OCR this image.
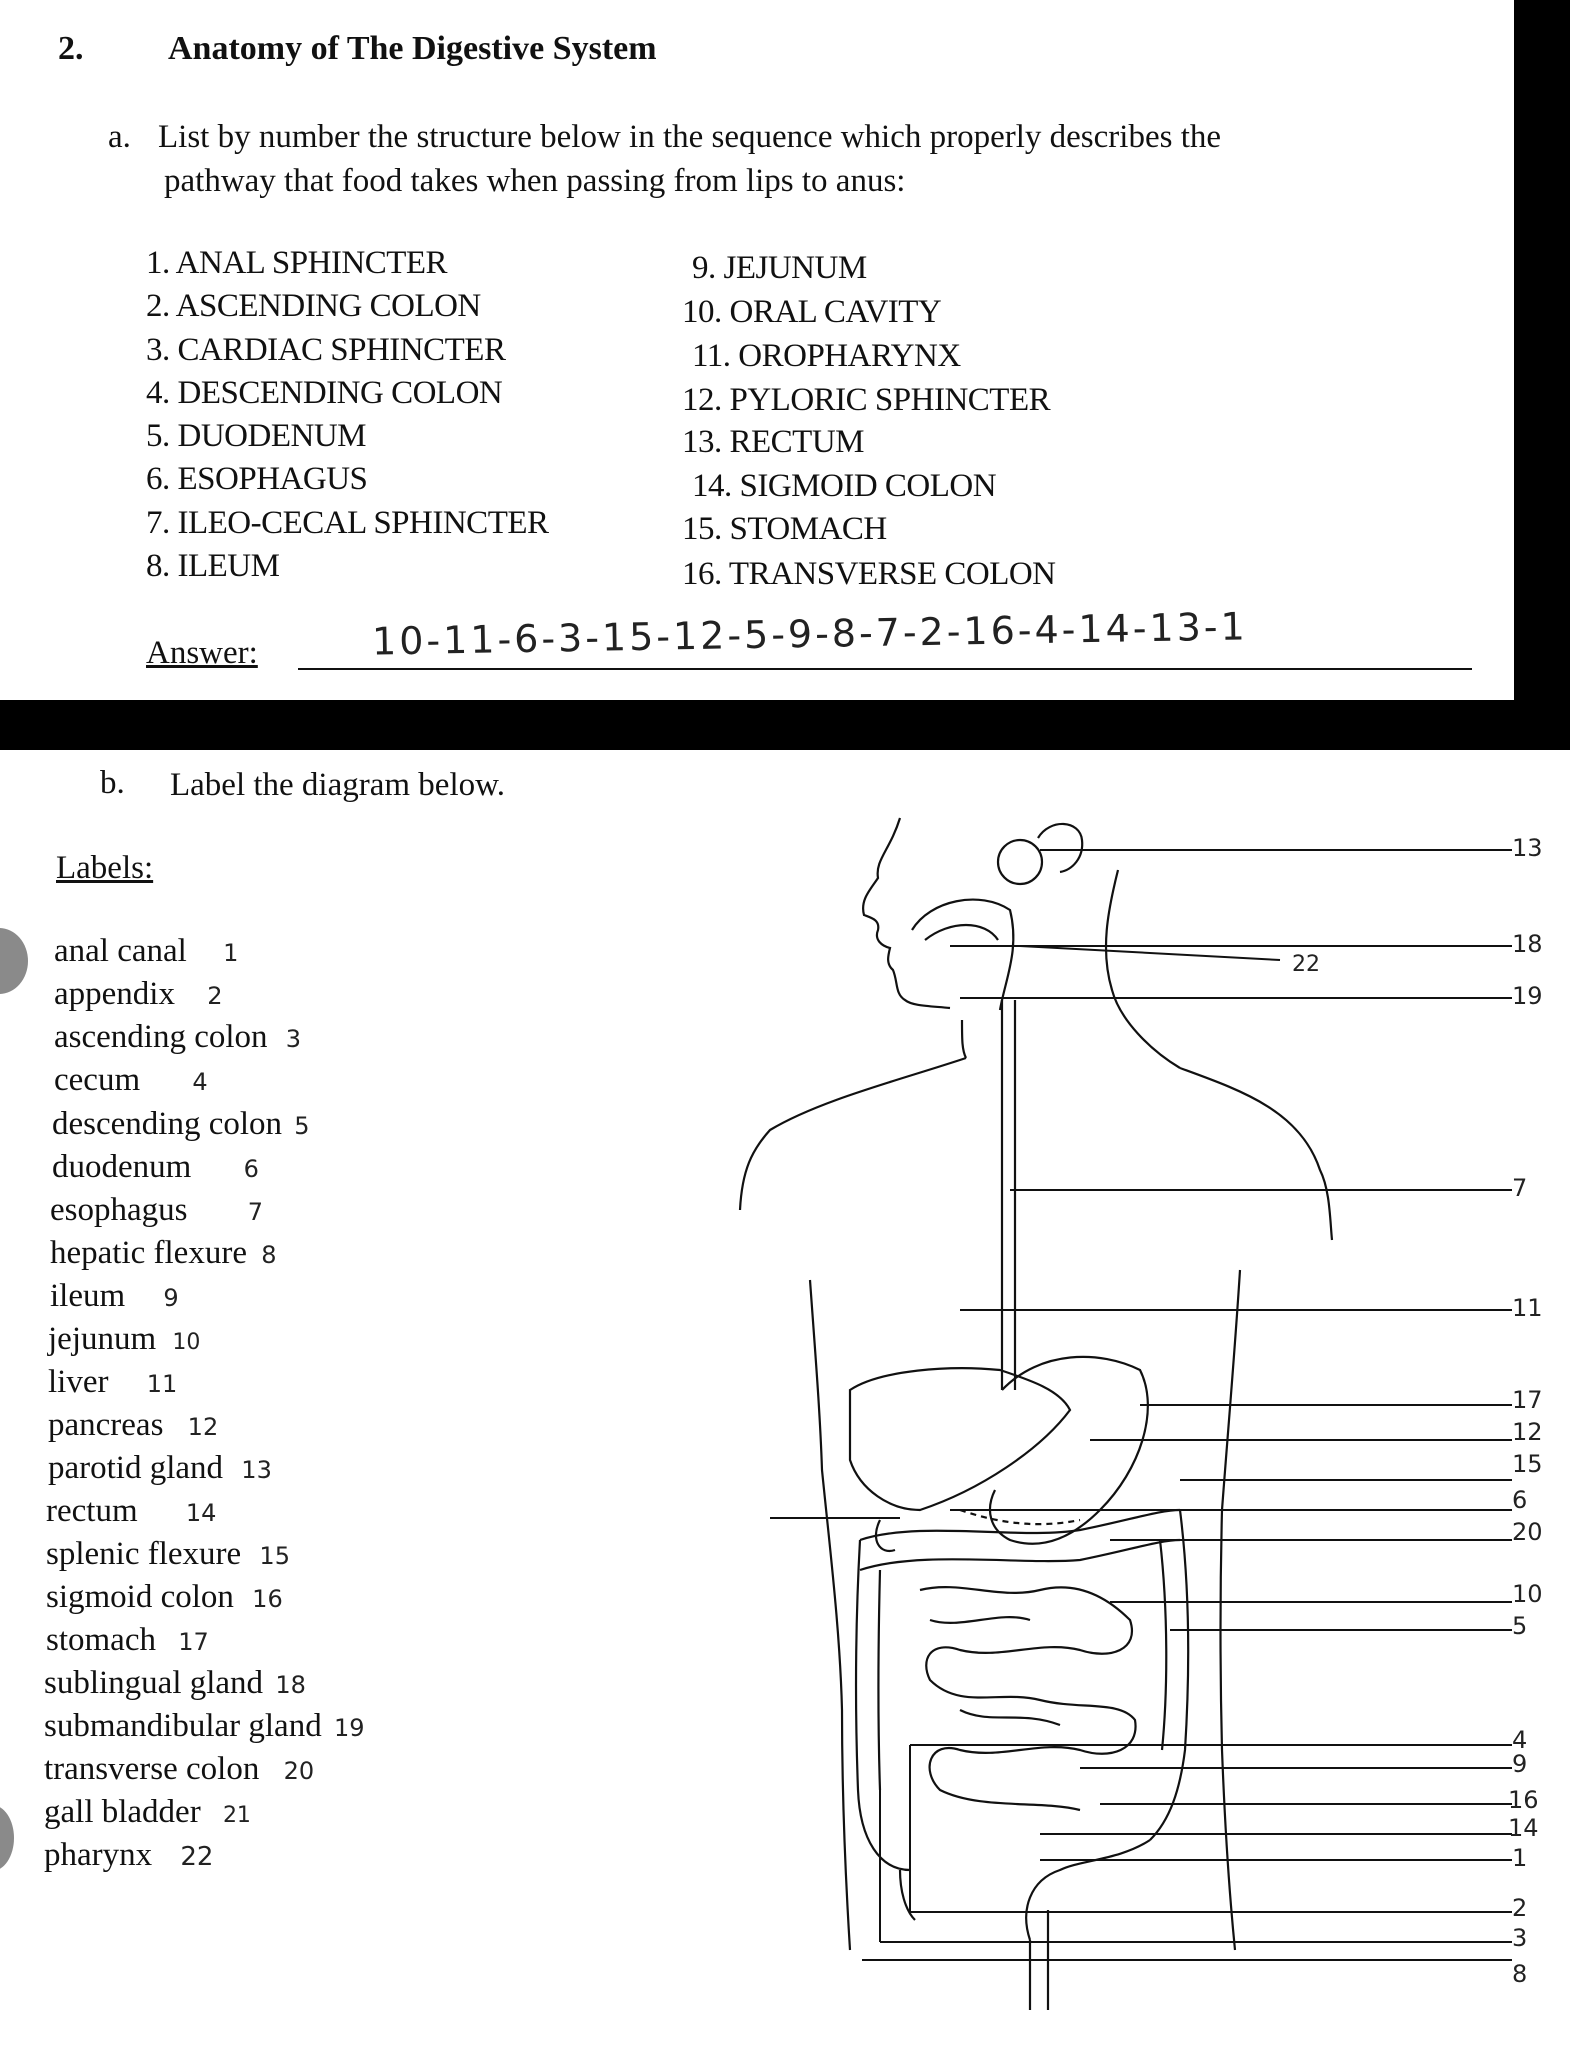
2. Anatomy of The Digestive System
a. List by number the structure below in the sequence which properly describes the
pathway that food takes when passing from lips to anus:
1. ANAL SPHINCTER
2. ASCENDING COLON
3. CARDIAC SPHINCTER
4. DESCENDING COLON
5. DUODENUM
6. ESOPHAGUS
7. ILEO-CECAL SPHINCTER
8. ILEUM
9. JEJUNUM
10. ORAL CAVITY
11. OROPHARYNX
12. PYLORIC SPHINCTER
13. RECTUM
14. SIGMOID COLON
15. STOMACH
16. TRANSVERSE COLON
Answer:	10-11-6-3-15-12-5-9-8-7-2-16-4-14-13-1
b. Label the diagram below.
Labels:
anal canal 1
appendix 2
ascending colon 3
cecum 4
descending colon 5
duodenum 6
esophagus	7
hepatic flexure 8
ileum 9
jejunum 10
liver 11
pancreas 12
parotid gland 13
rectum 14
splenic flexure 15
sigmoid colon 16
stomach 17
sublingual gland 18
submandibular gland 19
transverse colon 20
gall bladder 21
pharynx 22
13
18
19
7
11
17
12
15
6
20
10
5
4
9
16
14
1
2
3
8
22
